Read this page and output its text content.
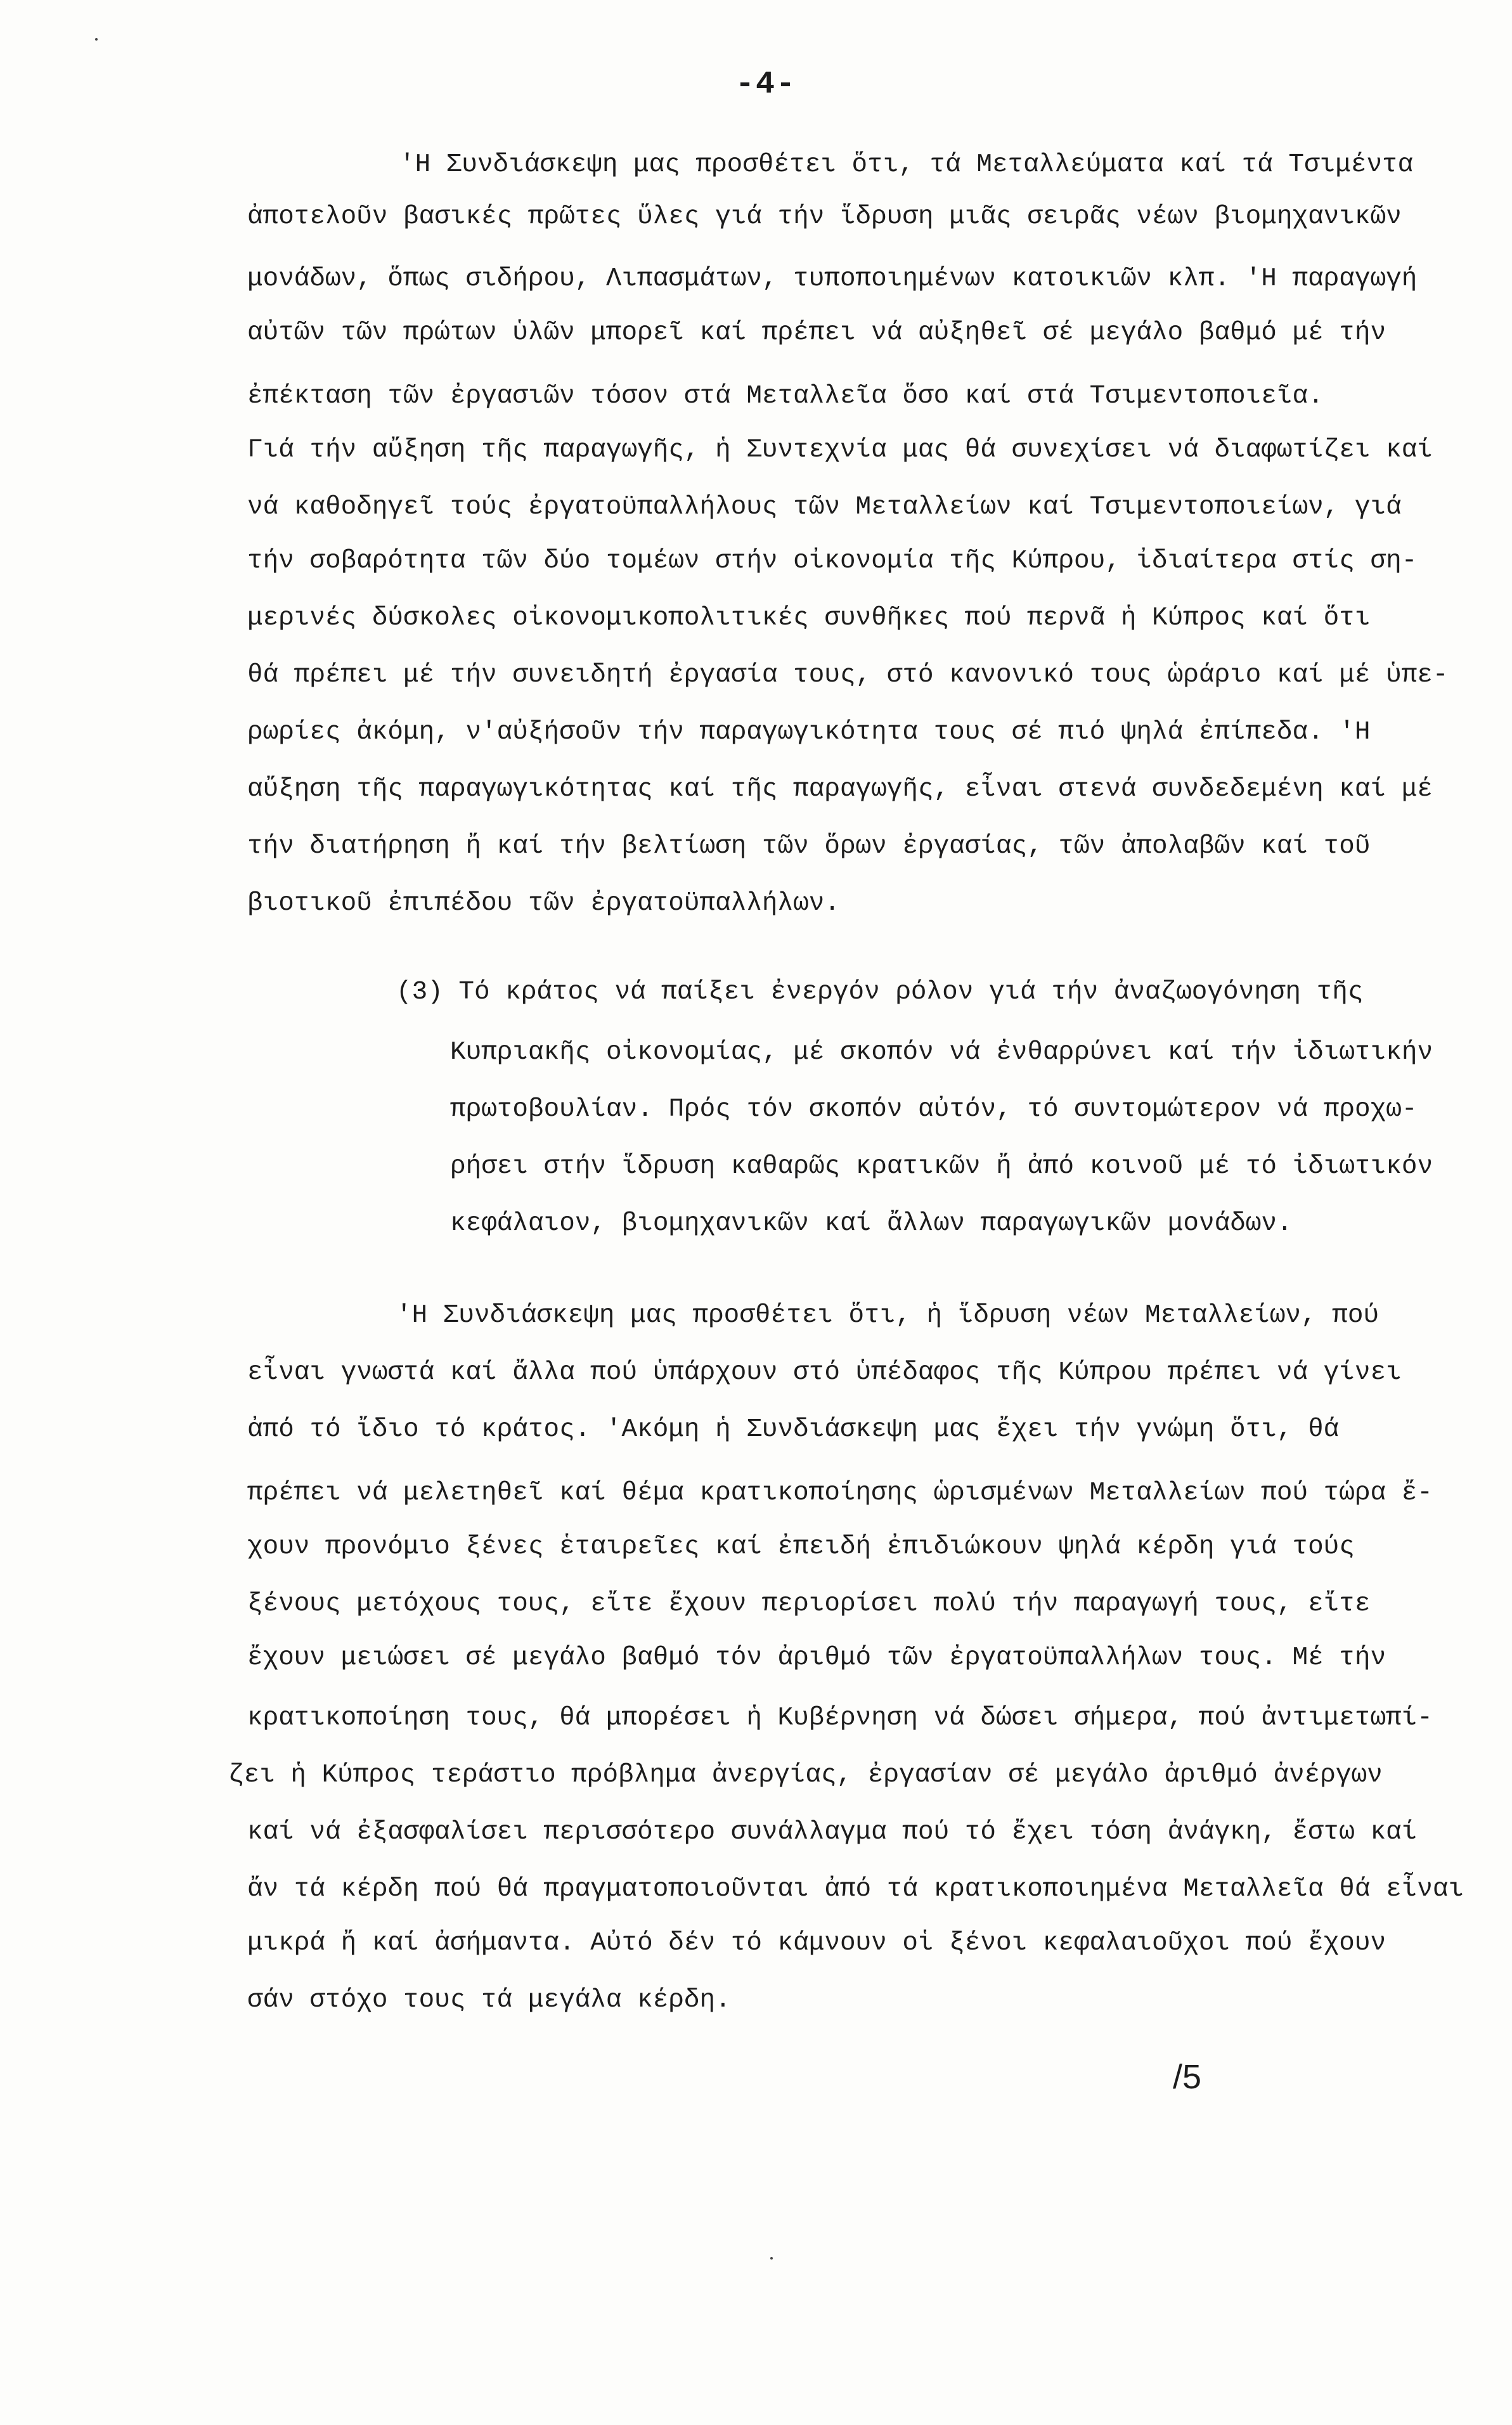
-4-
'Η Συνδιάσκεψη μας προσθέτει ὅτι, τά Μεταλλεύματα καί τά Τσιμέντα
ἀποτελοῦν βασικές πρῶτες ὕλες γιά τήν ἵδρυση μιᾶς σειρᾶς νέων βιομηχανικῶν
μονάδων, ὅπως σιδήρου, Λιπασμάτων, τυποποιημένων κατοικιῶν κλπ. 'Η παραγωγή
αὐτῶν τῶν πρώτων ὑλῶν μπορεῖ καί πρέπει νά αὐξηθεῖ σέ μεγάλο βαθμό μέ τήν
ἐπέκταση τῶν ἐργασιῶν τόσον στά Μεταλλεῖα ὅσο καί στά Τσιμεντοποιεῖα.
Γιά τήν αὔξηση τῆς παραγωγῆς, ἡ Συντεχνία μας θά συνεχίσει νά διαφωτίζει καί
νά καθοδηγεῖ τούς ἐργατοϋπαλλήλους τῶν Μεταλλείων καί Τσιμεντοποιείων, γιά
τήν σοβαρότητα τῶν δύο τομέων στήν οἰκονομία τῆς Κύπρου, ἰδιαίτερα στίς ση-
μερινές δύσκολες οἰκονομικοπολιτικές συνθῆκες πού περνᾶ ἡ Κύπρος καί ὅτι
θά πρέπει μέ τήν συνειδητή ἐργασία τους, στό κανονικό τους ὡράριο καί μέ ὑπε-
ρωρίες ἀκόμη, ν'αὐξήσοῦν τήν παραγωγικότητα τους σέ πιό ψηλά ἐπίπεδα. 'Η
αὔξηση τῆς παραγωγικότητας καί τῆς παραγωγῆς, εἶναι στενά συνδεδεμένη καί μέ
τήν διατήρηση ἤ καί τήν βελτίωση τῶν ὅρων ἐργασίας, τῶν ἀπολαβῶν καί τοῦ
βιοτικοῦ ἐπιπέδου τῶν ἐργατοϋπαλλήλων.
(3) Τό κράτος νά παίξει ἐνεργόν ρόλον γιά τήν ἀναζωογόνηση τῆς
Κυπριακῆς οἰκονομίας, μέ σκοπόν νά ἐνθαρρύνει καί τήν ἰδιωτικήν
πρωτοβουλίαν. Πρός τόν σκοπόν αὐτόν, τό συντομώτερον νά προχω-
ρήσει στήν ἵδρυση καθαρῶς κρατικῶν ἤ ἀπό κοινοῦ μέ τό ἰδιωτικόν
κεφάλαιον, βιομηχανικῶν καί ἄλλων παραγωγικῶν μονάδων.
'Η Συνδιάσκεψη μας προσθέτει ὅτι, ἡ ἵδρυση νέων Μεταλλείων, πού
εἶναι γνωστά καί ἄλλα πού ὑπάρχουν στό ὑπέδαφος τῆς Κύπρου πρέπει νά γίνει
ἀπό τό ἴδιο τό κράτος. 'Ακόμη ἡ Συνδιάσκεψη μας ἔχει τήν γνώμη ὅτι, θά
πρέπει νά μελετηθεῖ καί θέμα κρατικοποίησης ὡρισμένων Μεταλλείων πού τώρα ἔ-
χουν προνόμιο ξένες ἑταιρεῖες καί ἐπειδή ἐπιδιώκουν ψηλά κέρδη γιά τούς
ξένους μετόχους τους, εἴτε ἔχουν περιορίσει πολύ τήν παραγωγή τους, εἴτε
ἔχουν μειώσει σέ μεγάλο βαθμό τόν ἀριθμό τῶν ἐργατοϋπαλλήλων τους. Μέ τήν
κρατικοποίηση τους, θά μπορέσει ἡ Κυβέρνηση νά δώσει σήμερα, πού ἀντιμετωπί-
ζει ἡ Κύπρος τεράστιο πρόβλημα ἀνεργίας, ἐργασίαν σέ μεγάλο ἀριθμό ἀνέργων
καί νά ἐξασφαλίσει περισσότερο συνάλλαγμα πού τό ἔχει τόση ἀνάγκη, ἔστω καί
ἄν τά κέρδη πού θά πραγματοποιοῦνται ἀπό τά κρατικοποιημένα Μεταλλεῖα θά εἶναι
μικρά ἤ καί ἀσήμαντα. Αὐτό δέν τό κάμνουν οἱ ξένοι κεφαλαιοῦχοι πού ἔχουν
σάν στόχο τους τά μεγάλα κέρδη.
/5
